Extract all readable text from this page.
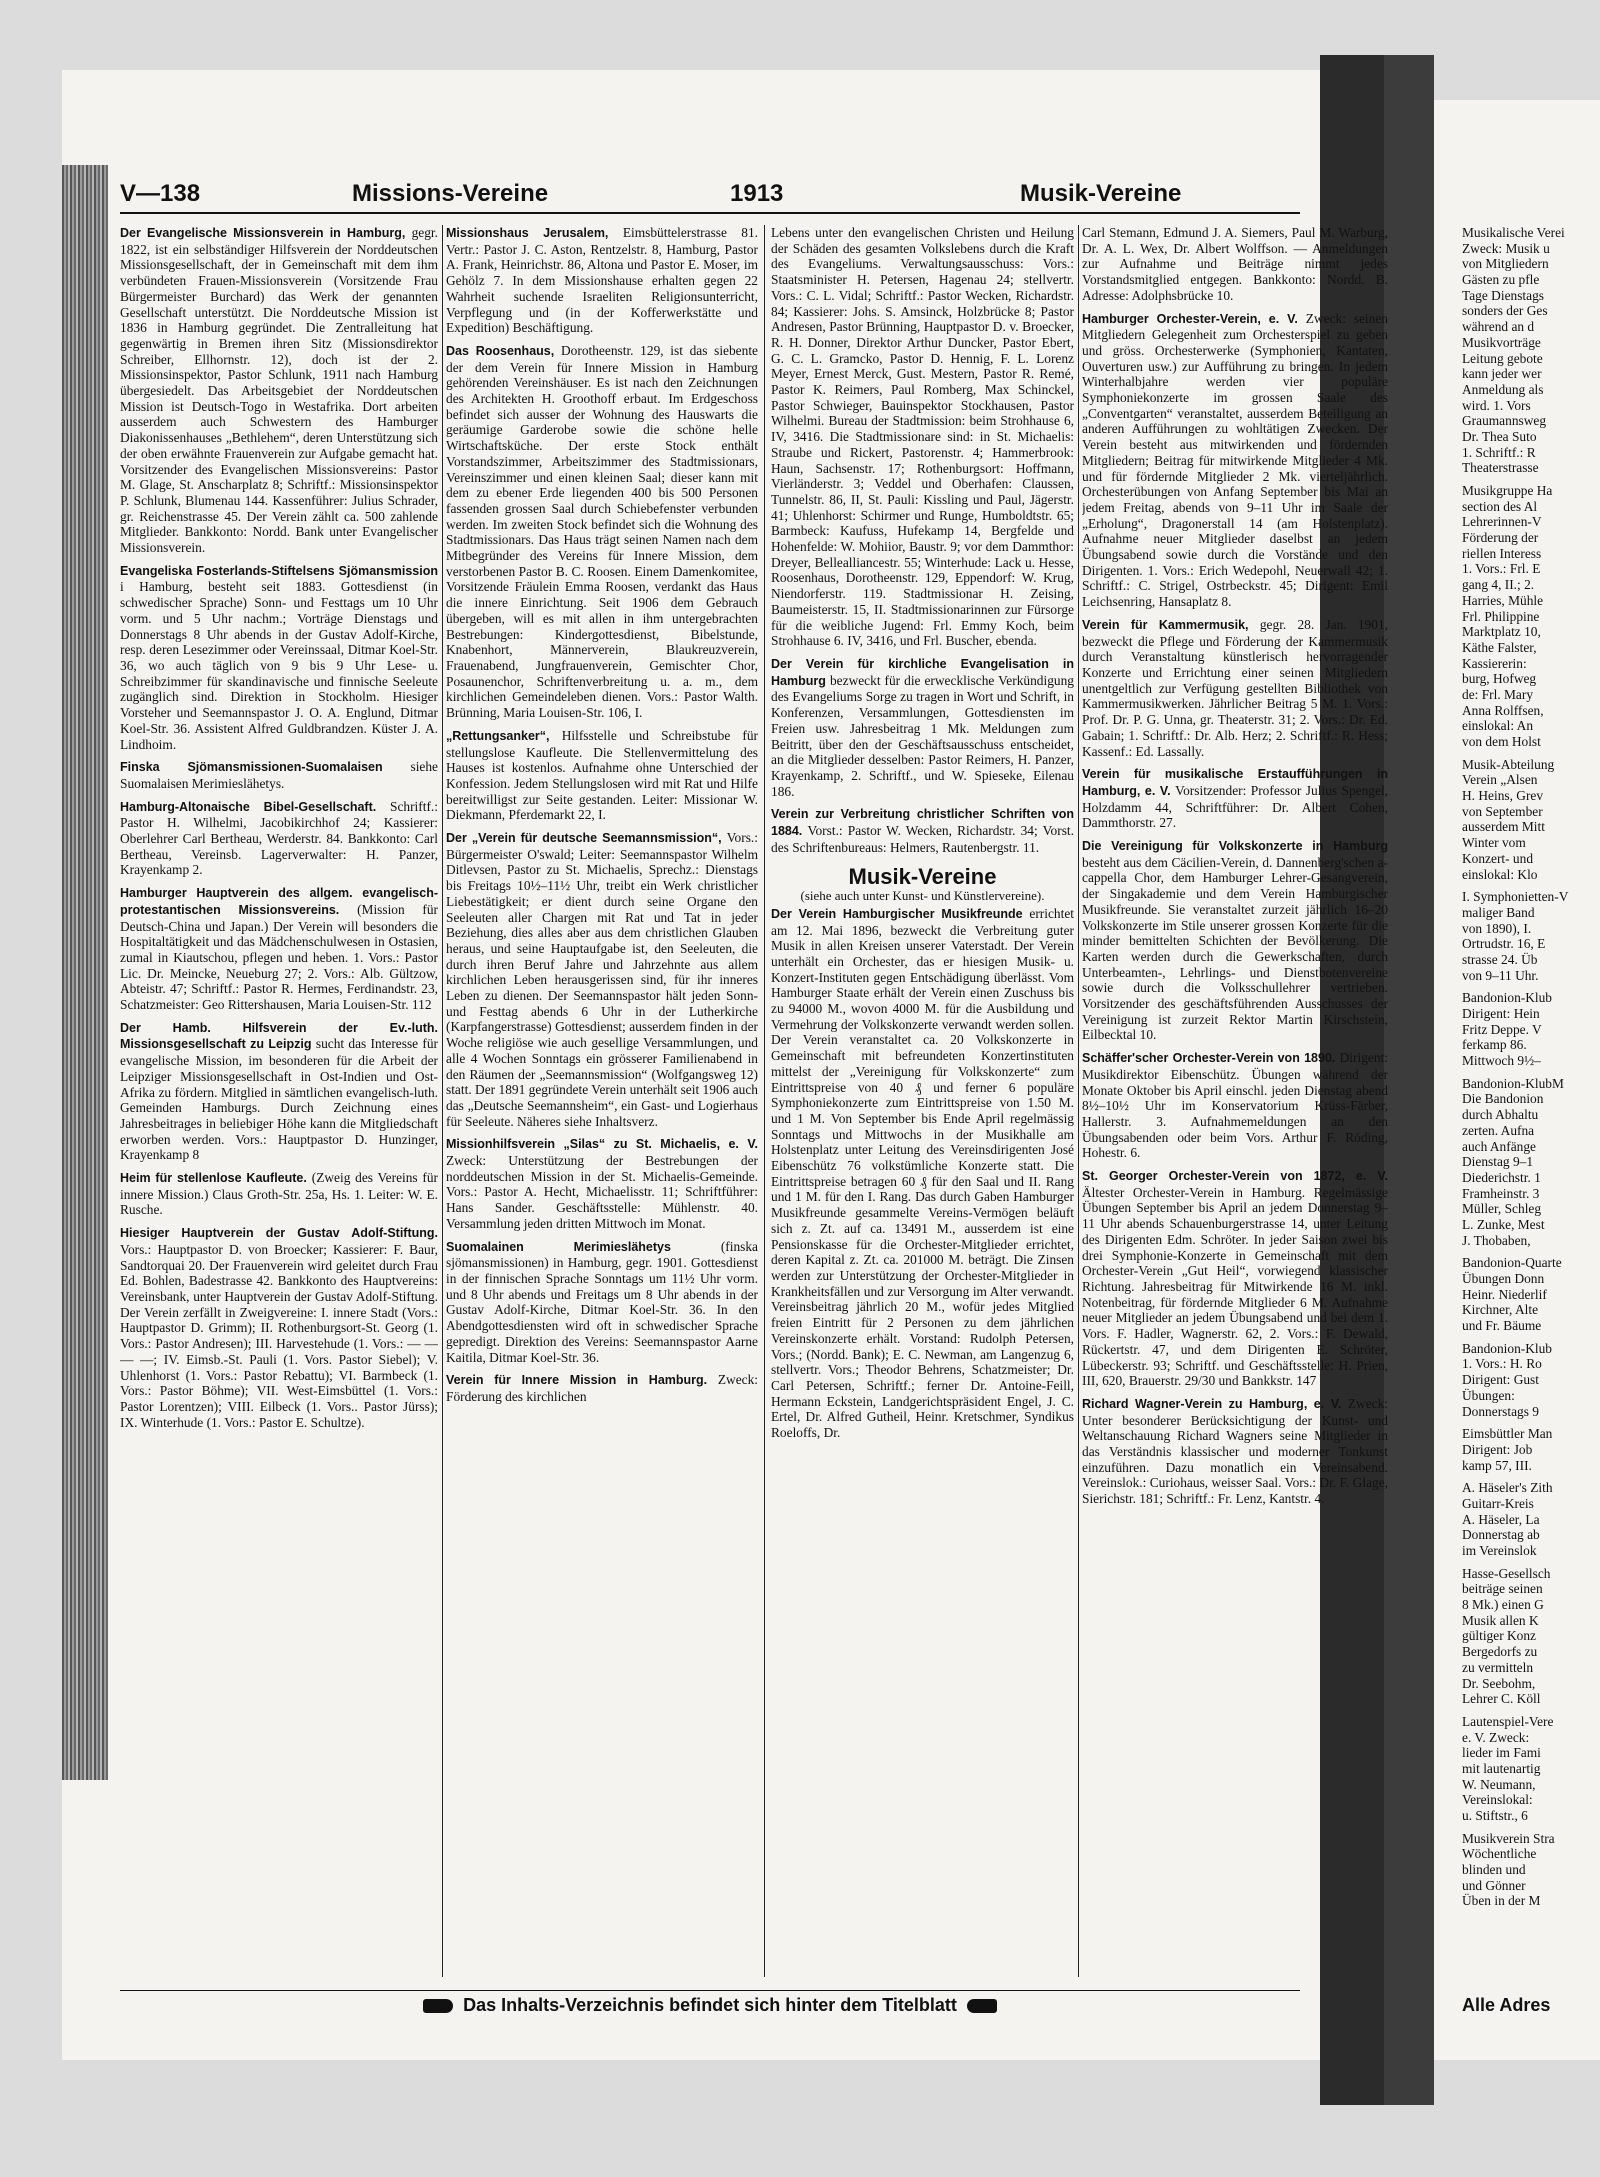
V—138	Missions-Vereine	1913	Musik-Vereine
Der Evangelische Missionsverein in Hamburg, gegr. 1822, ist ein selbständiger Hilfsverein der Norddeutschen Missionsgesellschaft, der in Gemeinschaft mit dem ihm verbündeten Frauen-Missionsverein (Vorsitzende Frau Bürgermeister Burchard) das Werk der genannten Gesellschaft unterstützt. Die Norddeutsche Mission ist 1836 in Hamburg gegründet. Die Zentralleitung hat gegenwärtig in Bremen ihren Sitz (Missionsdirektor Schreiber, Ellhornstr. 12), doch ist der 2. Missionsinspektor, Pastor Schlunk, 1911 nach Hamburg übergesiedelt. Das Arbeitsgebiet der Norddeutschen Mission ist Deutsch-Togo in Westafrika. Dort arbeiten ausserdem auch Schwestern des Hamburger Diakonissenhauses „Bethlehem“, deren Unterstützung sich der oben erwähnte Frauenverein zur Aufgabe gemacht hat. Vorsitzender des Evangelischen Missionsvereins: Pastor M. Glage, St. Anscharplatz 8; Schriftf.: Missionsinspektor P. Schlunk, Blumenau 144. Kassenführer: Julius Schrader, gr. Reichenstrasse 45. Der Verein zählt ca. 500 zahlende Mitglieder. Bankkonto: Nordd. Bank unter Evangelischer Missionsverein.
Evangeliska Fosterlands-Stiftelsens Sjömansmission i Hamburg, besteht seit 1883. Gottesdienst (in schwedischer Sprache) Sonn- und Festtags um 10 Uhr vorm. und 5 Uhr nachm.; Vorträge Dienstags und Donnerstags 8 Uhr abends in der Gustav Adolf-Kirche, resp. deren Lesezimmer oder Vereinssaal, Ditmar Koel-Str. 36, wo auch täglich von 9 bis 9 Uhr Lese- u. Schreibzimmer für skandinavische und finnische Seeleute zugänglich sind. Direktion in Stockholm. Hiesiger Vorsteher und Seemannspastor J. O. A. Englund, Ditmar Koel-Str. 36. Assistent Alfred Guldbrandzen. Küster J. A. Lindhoim.
Finska Sjömansmissionen-Suomalaisen siehe Suomalaisen Merimieslähetys.
Hamburg-Altonaische Bibel-Gesellschaft. Schriftf.: Pastor H. Wilhelmi, Jacobikirchhof 24; Kassierer: Oberlehrer Carl Bertheau, Werderstr. 84. Bankkonto: Carl Bertheau, Vereinsb. Lagerverwalter: H. Panzer, Krayenkamp 2.
Hamburger Hauptverein des allgem. evangelisch-protestantischen Missionsvereins. (Mission für Deutsch-China und Japan.) Der Verein will besonders die Hospitaltätigkeit und das Mädchenschulwesen in Ostasien, zumal in Kiautschou, pflegen und heben. 1. Vors.: Pastor Lic. Dr. Meincke, Neueburg 27; 2. Vors.: Alb. Gültzow, Abteistr. 47; Schriftf.: Pastor R. Hermes, Ferdinandstr. 23, Schatzmeister: Geo Rittershausen, Maria Louisen-Str. 112
Der Hamb. Hilfsverein der Ev.-luth. Missionsgesellschaft zu Leipzig sucht das Interesse für evangelische Mission, im besonderen für die Arbeit der Leipziger Missionsgesellschaft in Ost-Indien und Ost-Afrika zu fördern. Mitglied in sämtlichen evangelisch-luth. Gemeinden Hamburgs. Durch Zeichnung eines Jahresbeitrages in beliebiger Höhe kann die Mitgliedschaft erworben werden. Vors.: Hauptpastor D. Hunzinger, Krayenkamp 8
Heim für stellenlose Kaufleute. (Zweig des Vereins für innere Mission.) Claus Groth-Str. 25a, Hs. 1. Leiter: W. E. Rusche.
Hiesiger Hauptverein der Gustav Adolf-Stiftung. Vors.: Hauptpastor D. von Broecker; Kassierer: F. Baur, Sandtorquai 20. Der Frauenverein wird geleitet durch Frau Ed. Bohlen, Badestrasse 42. Bankkonto des Hauptvereins: Vereinsbank, unter Hauptverein der Gustav Adolf-Stiftung. Der Verein zerfällt in Zweigvereine: I. innere Stadt (Vors.: Hauptpastor D. Grimm); II. Rothenburgsort-St. Georg (1. Vors.: Pastor Andresen); III. Harvestehude (1. Vors.: — — — —; IV. Eimsb.-St. Pauli (1. Vors. Pastor Siebel); V. Uhlenhorst (1. Vors.: Pastor Rebattu); VI. Barmbeck (1. Vors.: Pastor Böhme); VII. West-Eimsbüttel (1. Vors.: Pastor Lorentzen); VIII. Eilbeck (1. Vors.. Pastor Jürss); IX. Winterhude (1. Vors.: Pastor E. Schultze).
Missionshaus Jerusalem, Eimsbüttelerstrasse 81. Vertr.: Pastor J. C. Aston, Rentzelstr. 8, Hamburg, Pastor A. Frank, Heinrichstr. 86, Altona und Pastor E. Moser, im Gehölz 7. In dem Missionshause erhalten gegen 22 Wahrheit suchende Israeliten Religionsunterricht, Verpflegung und (in der Kofferwerkstätte und Expedition) Beschäftigung.
Das Roosenhaus, Dorotheenstr. 129, ist das siebente der dem Verein für Innere Mission in Hamburg gehörenden Vereinshäuser. Es ist nach den Zeichnungen des Architekten H. Groothoff erbaut. Im Erdgeschoss befindet sich ausser der Wohnung des Hauswarts die geräumige Garderobe sowie die schöne helle Wirtschaftsküche. Der erste Stock enthält Vorstandszimmer, Arbeitszimmer des Stadtmissionars, Vereinszimmer und einen kleinen Saal; dieser kann mit dem zu ebener Erde liegenden 400 bis 500 Personen fassenden grossen Saal durch Schiebefenster verbunden werden. Im zweiten Stock befindet sich die Wohnung des Stadtmissionars. Das Haus trägt seinen Namen nach dem Mitbegründer des Vereins für Innere Mission, dem verstorbenen Pastor B. C. Roosen. Einem Damenkomitee, Vorsitzende Fräulein Emma Roosen, verdankt das Haus die innere Einrichtung. Seit 1906 dem Gebrauch übergeben, will es mit allen in ihm untergebrachten Bestrebungen: Kindergottesdienst, Bibelstunde, Knabenhort, Männerverein, Blaukreuzverein, Frauenabend, Jungfrauenverein, Gemischter Chor, Posaunenchor, Schriftenverbreitung u. a. m., dem kirchlichen Gemeindeleben dienen. Vors.: Pastor Walth. Brünning, Maria Louisen-Str. 106, I.
„Rettungsanker“, Hilfsstelle und Schreibstube für stellungslose Kaufleute. Die Stellenvermittelung des Hauses ist kostenlos. Aufnahme ohne Unterschied der Konfession. Jedem Stellungslosen wird mit Rat und Hilfe bereitwilligst zur Seite gestanden. Leiter: Missionar W. Diekmann, Pferdemarkt 22, I.
Der „Verein für deutsche Seemannsmission“, Vors.: Bürgermeister O'swald; Leiter: Seemannspastor Wilhelm Ditlevsen, Pastor zu St. Michaelis, Sprechz.: Dienstags bis Freitags 10½–11½ Uhr, treibt ein Werk christlicher Liebestätigkeit; er dient durch seine Organe den Seeleuten aller Chargen mit Rat und Tat in jeder Beziehung, dies alles aber aus dem christlichen Glauben heraus, und seine Hauptaufgabe ist, den Seeleuten, die durch ihren Beruf Jahre und Jahrzehnte aus allem kirchlichen Leben herausgerissen sind, für ihr inneres Leben zu dienen. Der Seemannspastor hält jeden Sonn- und Festtag abends 6 Uhr in der Lutherkirche (Karpfangerstrasse) Gottesdienst; ausserdem finden in der Woche religiöse wie auch gesellige Versammlungen, und alle 4 Wochen Sonntags ein grösserer Familienabend in den Räumen der „Seemannsmission“ (Wolfgangsweg 12) statt. Der 1891 gegründete Verein unterhält seit 1906 auch das „Deutsche Seemannsheim“, ein Gast- und Logierhaus für Seeleute. Näheres siehe Inhaltsverz.
Missionhilfsverein „Silas“ zu St. Michaelis, e. V. Zweck: Unterstützung der Bestrebungen der norddeutschen Mission in der St. Michaelis-Gemeinde. Vors.: Pastor A. Hecht, Michaelisstr. 11; Schriftführer: Hans Sander. Geschäftsstelle: Mühlenstr. 40. Versammlung jeden dritten Mittwoch im Monat.
Suomalainen Merimieslähetys (finska sjömansmissionen) in Hamburg, gegr. 1901. Gottesdienst in der finnischen Sprache Sonntags um 11½ Uhr vorm. und 8 Uhr abends und Freitags um 8 Uhr abends in der Gustav Adolf-Kirche, Ditmar Koel-Str. 36. In den Abendgottesdiensten wird oft in schwedischer Sprache gepredigt. Direktion des Vereins: Seemannspastor Aarne Kaitila, Ditmar Koel-Str. 36.
Verein für Innere Mission in Hamburg. Zweck: Förderung des kirchlichen
Lebens unter den evangelischen Christen und Heilung der Schäden des gesamten Volkslebens durch die Kraft des Evangeliums. Verwaltungsausschuss: Vors.: Staatsminister H. Petersen, Hagenau 24; stellvertr. Vors.: C. L. Vidal; Schriftf.: Pastor Wecken, Richardstr. 84; Kassierer: Johs. S. Amsinck, Holzbrücke 8; Pastor Andresen, Pastor Brünning, Hauptpastor D. v. Broecker, R. H. Donner, Direktor Arthur Duncker, Pastor Ebert, G. C. L. Gramcko, Pastor D. Hennig, F. L. Lorenz Meyer, Ernest Merck, Gust. Mestern, Pastor R. Remé, Pastor K. Reimers, Paul Romberg, Max Schinckel, Pastor Schwieger, Bauinspektor Stockhausen, Pastor Wilhelmi. Bureau der Stadtmission: beim Strohhause 6, IV, 3416. Die Stadtmissionare sind: in St. Michaelis: Straube und Rickert, Pastorenstr. 4; Hammerbrook: Haun, Sachsenstr. 17; Rothenburgsort: Hoffmann, Vierländerstr. 3; Veddel und Oberhafen: Claussen, Tunnelstr. 86, II, St. Pauli: Kissling und Paul, Jägerstr. 41; Uhlenhorst: Schirmer und Runge, Humboldtstr. 65; Barmbeck: Kaufuss, Hufekamp 14, Bergfelde und Hohenfelde: W. Mohiior, Baustr. 9; vor dem Dammthor: Dreyer, Bellealliancestr. 55; Winterhude: Lack u. Hesse, Roosenhaus, Dorotheenstr. 129, Eppendorf: W. Krug, Niendorferstr. 119. Stadtmissionar H. Zeising, Baumeisterstr. 15, II. Stadtmissionarinnen zur Fürsorge für die weibliche Jugend: Frl. Emmy Koch, beim Strohhause 6. IV, 3416, und Frl. Buscher, ebenda.
Der Verein für kirchliche Evangelisation in Hamburg bezweckt für die erwecklische Verkündigung des Evangeliums Sorge zu tragen in Wort und Schrift, in Konferenzen, Versammlungen, Gottesdiensten im Freien usw. Jahresbeitrag 1 Mk. Meldungen zum Beitritt, über den der Geschäftsausschuss entscheidet, an die Mitglieder desselben: Pastor Reimers, H. Panzer, Krayenkamp, 2. Schriftf., und W. Spieseke, Eilenau 186.
Verein zur Verbreitung christlicher Schriften von 1884. Vorst.: Pastor W. Wecken, Richardstr. 34; Vorst. des Schriftenbureaus: Helmers, Rautenbergstr. 11.
Musik-Vereine
(siehe auch unter Kunst- und Künstlervereine).
Der Verein Hamburgischer Musikfreunde errichtet am 12. Mai 1896, bezweckt die Verbreitung guter Musik in allen Kreisen unserer Vaterstadt. Der Verein unterhält ein Orchester, das er hiesigen Musik- u. Konzert-Instituten gegen Entschädigung überlässt. Vom Hamburger Staate erhält der Verein einen Zuschuss bis zu 94000 M., wovon 4000 M. für die Ausbildung und Vermehrung der Volkskonzerte verwandt werden sollen. Der Verein veranstaltet ca. 20 Volkskonzerte in Gemeinschaft mit befreundeten Konzertinstituten mittelst der „Vereinigung für Volkskonzerte“ zum Eintrittspreise von 40 ₰ und ferner 6 populäre Symphoniekonzerte zum Eintrittspreise von 1.50 M. und 1 M. Von September bis Ende April regelmässig Sonntags und Mittwochs in der Musikhalle am Holstenplatz unter Leitung des Vereinsdirigenten José Eibenschütz 76 volkstümliche Konzerte statt. Die Eintrittspreise betragen 60 ₰ für den Saal und II. Rang und 1 M. für den I. Rang. Das durch Gaben Hamburger Musikfreunde gesammelte Vereins-Vermögen beläuft sich z. Zt. auf ca. 13491 M., ausserdem ist eine Pensionskasse für die Orchester-Mitglieder errichtet, deren Kapital z. Zt. ca. 201000 M. beträgt. Die Zinsen werden zur Unterstützung der Orchester-Mitglieder in Krankheitsfällen und zur Versorgung im Alter verwandt. Vereinsbeitrag jährlich 20 M., wofür jedes Mitglied freien Eintritt für 2 Personen zu dem jährlichen Vereinskonzerte erhält. Vorstand: Rudolph Petersen, Vors.; (Nordd. Bank); E. C. Newman, am Langenzug 6, stellvertr. Vors.; Theodor Behrens, Schatzmeister; Dr. Carl Petersen, Schriftf.; ferner Dr. Antoine-Feill, Hermann Eckstein, Landgerichtspräsident Engel, J. C. Ertel, Dr. Alfred Gutheil, Heinr. Kretschmer, Syndikus Roeloffs, Dr.
Carl Stemann, Edmund J. A. Siemers, Paul M. Warburg, Dr. A. L. Wex, Dr. Albert Wolffson. — Anmeldungen zur Aufnahme und Beiträge nimmt jedes Vorstandsmitglied entgegen. Bankkonto: Nordd. B. Adresse: Adolphsbrücke 10.
Hamburger Orchester-Verein, e. V. Zweck: seinen Mitgliedern Gelegenheit zum Orchesterspiel zu geben und gröss. Orchesterwerke (Symphonien, Kantaten, Ouverturen usw.) zur Aufführung zu bringen. In jedem Winterhalbjahre werden vier populäre Symphoniekonzerte im grossen Saale des „Conventgarten“ veranstaltet, ausserdem Beteiligung an anderen Aufführungen zu wohltätigen Zwecken. Der Verein besteht aus mitwirkenden und fördernden Mitgliedern; Beitrag für mitwirkende Mitglieder 4 Mk. und für fördernde Mitglieder 2 Mk. vierteljährlich. Orchesterübungen von Anfang September bis Mai an jedem Freitag, abends von 9–11 Uhr im Saale der „Erholung“, Dragonerstall 14 (am Holstenplatz). Aufnahme neuer Mitglieder daselbst an jedem Übungsabend sowie durch die Vorstände und den Dirigenten. 1. Vors.: Erich Wedepohl, Neuerwall 42; 1. Schriftf.: C. Strigel, Ostrbeckstr. 45; Dirigent: Emil Leichsenring, Hansaplatz 8.
Verein für Kammermusik, gegr. 28. Jan. 1901, bezweckt die Pflege und Förderung der Kammermusik durch Veranstaltung künstlerisch hervorragender Konzerte und Errichtung einer seinen Mitgliedern unentgeltlich zur Verfügung gestellten Bibliothek von Kammermusikwerken. Jährlicher Beitrag 5 M. 1. Vors.: Prof. Dr. P. G. Unna, gr. Theaterstr. 31; 2. Vors.: Dr. Ed. Gabain; 1. Schriftf.: Dr. Alb. Herz; 2. Schriftf.: R. Hess; Kassenf.: Ed. Lassally.
Verein für musikalische Erstaufführungen in Hamburg, e. V. Vorsitzender: Professor Julius Spengel, Holzdamm 44, Schriftführer: Dr. Albert Cohen, Dammthorstr. 27.
Die Vereinigung für Volkskonzerte in Hamburg besteht aus dem Cäcilien-Verein, d. Dannenberg'schen a-cappella Chor, dem Hamburger Lehrer-Gesangverein, der Singakademie und dem Verein Hamburgischer Musikfreunde. Sie veranstaltet zurzeit jährlich 16–20 Volkskonzerte im Stile unserer grossen Konzerte für die minder bemittelten Schichten der Bevölkerung. Die Karten werden durch die Gewerkschaften, durch Unterbeamten-, Lehrlings- und Dienstbotenvereine sowie durch die Volksschullehrer vertrieben. Vorsitzender des geschäftsführenden Ausschusses der Vereinigung ist zurzeit Rektor Martin Kirschstein, Eilbecktal 10.
Schäffer'scher Orchester-Verein von 1890. Dirigent: Musikdirektor Eibenschütz. Übungen während der Monate Oktober bis April einschl. jeden Dienstag abend 8½–10½ Uhr im Konservatorium Krüss-Färber, Hallerstr. 3. Aufnahmemeldungen an den Übungsabenden oder beim Vors. Arthur F. Röding, Hohestr. 6.
St. Georger Orchester-Verein von 1872, e. V. Ältester Orchester-Verein in Hamburg. Regelmässige Übungen September bis April an jedem Donnerstag 9–11 Uhr abends Schauenburgerstrasse 14, unter Leitung des Dirigenten Edm. Schröter. In jeder Saison zwei bis drei Symphonie-Konzerte in Gemeinschaft mit dem Orchester-Verein „Gut Heil“, vorwiegend klassischer Richtung. Jahresbeitrag für Mitwirkende 16 M. inkl. Notenbeitrag, für fördernde Mitglieder 6 M. Aufnahme neuer Mitglieder an jedem Übungsabend und bei dem 1. Vors. F. Hadler, Wagnerstr. 62, 2. Vors.: F. Dewald, Rückertstr. 47, und dem Dirigenten E. Schröter, Lübeckerstr. 93; Schriftf. und Geschäftsstelle: H. Prien, III, 620, Brauerstr. 29/30 und Bankkstr. 147
Richard Wagner-Verein zu Hamburg, e. V. Zweck: Unter besonderer Berücksichtigung der Kunst- und Weltanschauung Richard Wagners seine Mitglieder in das Verständnis klassischer und moderner Tonkunst einzuführen. Dazu monatlich ein Vereinsabend. Vereinslok.: Curiohaus, weisser Saal. Vors.: Dr. F. Glage, Sierichstr. 181; Schriftf.: Fr. Lenz, Kantstr. 4.
Das Inhalts-Verzeichnis befindet sich hinter dem Titelblatt
Musikalische Verei
Zweck: Musik u
von Mitgliedern
Gästen zu pfle
Tage Dienstags
sonders der Ges
während an d
Musikvorträge
Leitung gebote
kann jeder wer
Anmeldung als
wird. 1. Vors
Graumannsweg
Dr. Thea Suto
1. Schriftf.: R
Theaterstrasse
Musikgruppe Ha
section des Al
Lehrerinnen-V
Förderung der
riellen Interess
1. Vors.: Frl. E
gang 4, II.; 2.
Harries, Mühle
Frl. Philippine
Marktplatz 10,
Käthe Falster,
Kassiererin:
burg, Hofweg
de: Frl. Mary
Anna Rolffsen,
einslokal: An
von dem Holst
Musik-Abteilung
Verein „Alsen
H. Heins, Grev
von September
ausserdem Mitt
Winter vom
Konzert- und
einslokal: Klo
I. Symphonietten-V
maliger Band
von 1890), I.
Ortrudstr. 16, E
strasse 24. Üb
von 9–11 Uhr.
Bandonion-Klub
Dirigent: Hein
Fritz Deppe. V
ferkamp 86.
Mittwoch 9½–
Bandonion-KlubM
Die Bandonion
durch Abhaltu
zerten. Aufna
auch Anfänge
Dienstag 9–1
Diederichstr. 1
Framheinstr. 3
Müller, Schleg
L. Zunke, Mest
J. Thobaben,
Bandonion-Quarte
Übungen Donn
Heinr. Niederlif
Kirchner, Alte
und Fr. Bäume
Bandonion-Klub
1. Vors.: H. Ro
Dirigent: Gust
Übungen:
Donnerstags 9
Eimsbüttler Man
Dirigent: Job
kamp 57, III.
A. Häseler's Zith
Guitarr-Kreis
A. Häseler, La
Donnerstag ab
im Vereinslok
Hasse-Gesellsch
beiträge seinen
8 Mk.) einen G
Musik allen K
gültiger Konz
Bergedorfs zu
zu vermitteln
Dr. Seebohm,
Lehrer C. Köll
Lautenspiel-Vere
e. V. Zweck:
lieder im Fami
mit lautenartig
W. Neumann,
Vereinslokal:
u. Stiftstr., 6
Musikverein Stra
Wöchentliche
blinden und
und Gönner
Üben in der M
Alle Adres
